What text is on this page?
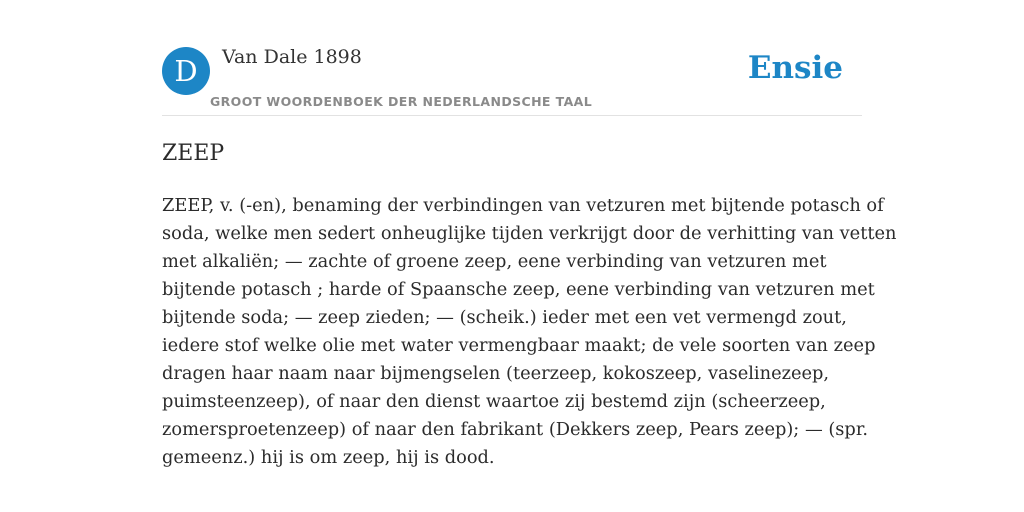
D	Van Dale 1898
GROOT WOORDENBOEK DER NEDERLANDSCHE TAAL
Ensie
ZEEP
ZEEP, v. (-en), benaming der verbindingen van vetzuren met bijtende potasch of
soda, welke men sedert onheuglijke tijden verkrijgt door de verhitting van vetten
met alkaliën; — zachte of groene zeep, eene verbinding van vetzuren met
bijtende potasch ; harde of Spaansche zeep, eene verbinding van vetzuren met
bijtende soda; — zeep zieden; — (scheik.) ieder met een vet vermengd zout,
iedere stof welke olie met water vermengbaar maakt; de vele soorten van zeep
dragen haar naam naar bijmengselen (teerzeep, kokoszeep, vaselinezeep,
puimsteenzeep), of naar den dienst waartoe zij bestemd zijn (scheerzeep,
zomersproetenzeep) of naar den fabrikant (Dekkers zeep, Pears zeep); — (spr.
gemeenz.) hij is om zeep, hij is dood.
